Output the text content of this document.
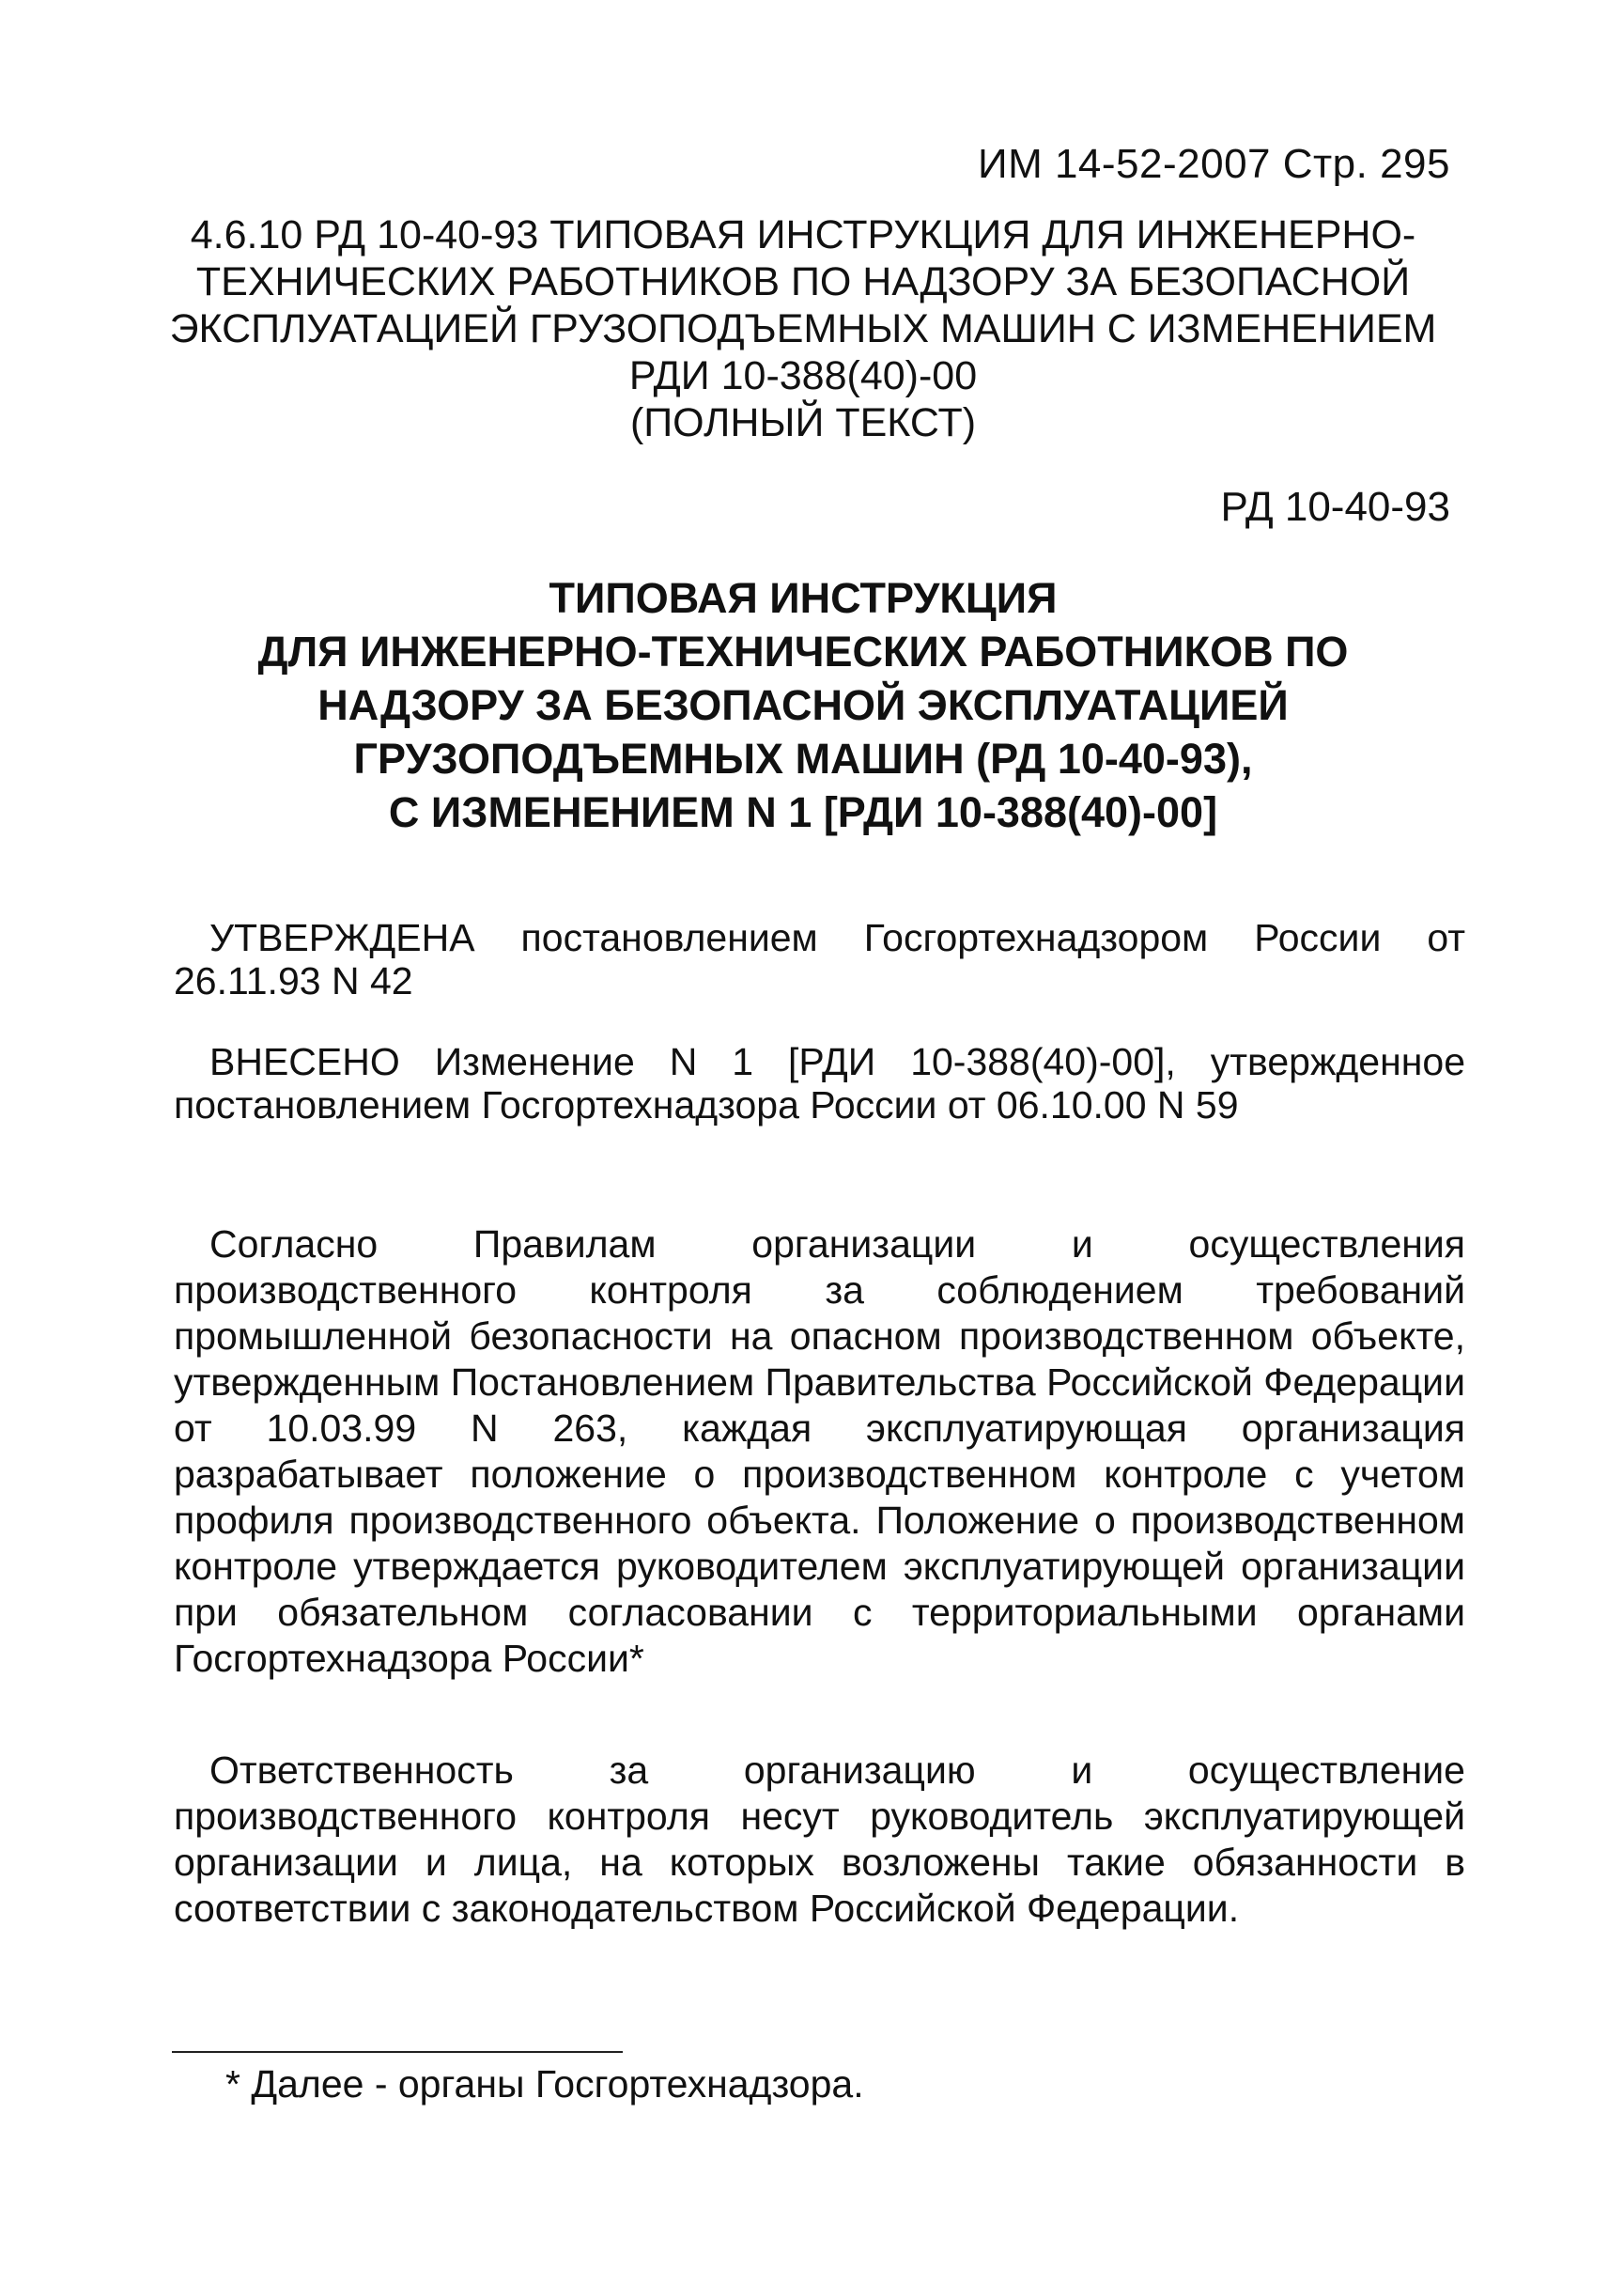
ИМ 14-52-2007 Стр. 295
4.6.10 РД 10-40-93 ТИПОВАЯ ИНСТРУКЦИЯ ДЛЯ ИНЖЕНЕРНО-
ТЕХНИЧЕСКИХ РАБОТНИКОВ ПО НАДЗОРУ ЗА БЕЗОПАСНОЙ
ЭКСПЛУАТАЦИЕЙ ГРУЗОПОДЪЕМНЫХ МАШИН С ИЗМЕНЕНИЕМ
РДИ 10-388(40)-00
(ПОЛНЫЙ ТЕКСТ)
РД 10-40-93
ТИПОВАЯ ИНСТРУКЦИЯ
ДЛЯ ИНЖЕНЕРНО-ТЕХНИЧЕСКИХ РАБОТНИКОВ ПО
НАДЗОРУ ЗА БЕЗОПАСНОЙ ЭКСПЛУАТАЦИЕЙ
ГРУЗОПОДЪЕМНЫХ МАШИН (РД 10-40-93),
С ИЗМЕНЕНИЕМ N 1 [РДИ 10-388(40)-00]

УТВЕРЖДЕНА постановлением Госгортехнадзором России от 26.11.93 N 42

ВНЕСЕНО Изменение N 1 [РДИ 10-388(40)-00], утвержденное постановлением Госгортехнадзора России от 06.10.00 N 59

Согласно Правилам организации и осуществления производственного контроля за соблюдением требований промышленной безопасности на опасном производственном объекте, утвержденным Постановлением Правительства Российской Федерации от 10.03.99 N 263, каждая эксплуатирующая организация разрабатывает положение о производственном контроле с учетом профиля производственного объекта. Положение о производственном контроле утверждается руководителем эксплуатирующей организации при обязательном согласовании с территориальными органами Госгортехнадзора России*

Ответственность за организацию и осуществление производственного контроля несут руководитель эксплуатирующей организации и лица, на которых возложены такие обязанности в соответствии с законодательством Российской Федерации.

* Далее - органы Госгортехнадзора.
